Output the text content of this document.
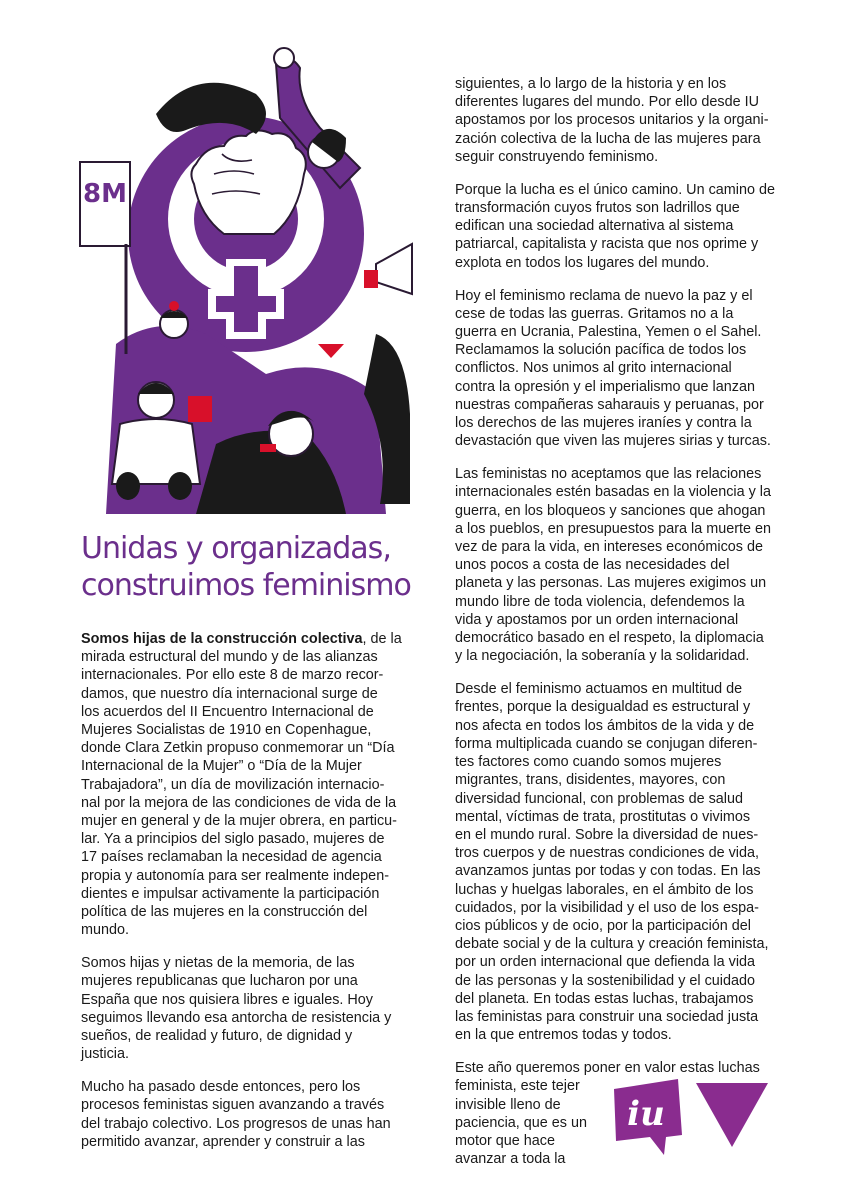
8M
Unidas y organizadas,
construimos feminismo

Somos hijas de la construcción colectiva, de la
mirada estructural del mundo y de las alianzas
internacionales. Por ello este 8 de marzo recor-
damos, que nuestro día internacional surge de
los acuerdos del II Encuentro Internacional de
Mujeres Socialistas de 1910 en Copenhague,
donde Clara Zetkin propuso conmemorar un “Día
Internacional de la Mujer” o “Día de la Mujer
Trabajadora”, un día de movilización internacio-
nal por la mejora de las condiciones de vida de la
mujer en general y de la mujer obrera, en particu-
lar. Ya a principios del siglo pasado, mujeres de
17 países reclamaban la necesidad de agencia
propia y autonomía para ser realmente indepen-
dientes e impulsar activamente la participación
política de las mujeres en la construcción del
mundo.

Somos hijas y nietas de la memoria, de las
mujeres republicanas que lucharon por una
España que nos quisiera libres e iguales. Hoy
seguimos llevando esa antorcha de resistencia y
sueños, de realidad y futuro, de dignidad y
justicia.

Mucho ha pasado desde entonces, pero los
procesos feministas siguen avanzando a través
del trabajo colectivo. Los progresos de unas han
permitido avanzar, aprender y construir a las

siguientes, a lo largo de la historia y en los
diferentes lugares del mundo. Por ello desde IU
apostamos por los procesos unitarios y la organi-
zación colectiva de la lucha de las mujeres para
seguir construyendo feminismo.

Porque la lucha es el único camino. Un camino de
transformación cuyos frutos son ladrillos que
edifican una sociedad alternativa al sistema
patriarcal, capitalista y racista que nos oprime y
explota en todos los lugares del mundo.

Hoy el feminismo reclama de nuevo la paz y el
cese de todas las guerras. Gritamos no a la
guerra en Ucrania, Palestina, Yemen o el Sahel.
Reclamamos la solución pacífica de todos los
conflictos. Nos unimos al grito internacional
contra la opresión y el imperialismo que lanzan
nuestras compañeras saharauis y peruanas, por
los derechos de las mujeres iraníes y contra la
devastación que viven las mujeres sirias y turcas.

Las feministas no aceptamos que las relaciones
internacionales estén basadas en la violencia y la
guerra, en los bloqueos y sanciones que ahogan
a los pueblos, en presupuestos para la muerte en
vez de para la vida, en intereses económicos de
unos pocos a costa de las necesidades del
planeta y las personas. Las mujeres exigimos un
mundo libre de toda violencia, defendemos la
vida y apostamos por un orden internacional
democrático basado en el respeto, la diplomacia
y la negociación, la soberanía y la solidaridad.

Desde el feminismo actuamos en multitud de
frentes, porque la desigualdad es estructural y
nos afecta en todos los ámbitos de la vida y de
forma multiplicada cuando se conjugan diferen-
tes factores como cuando somos mujeres
migrantes, trans, disidentes, mayores, con
diversidad funcional, con problemas de salud
mental, víctimas de trata, prostitutas o vivimos
en el mundo rural. Sobre la diversidad de nues-
tros cuerpos y de nuestras condiciones de vida,
avanzamos juntas por todas y con todas. En las
luchas y huelgas laborales, en el ámbito de los
cuidados, por la visibilidad y el uso de los espa-
cios públicos y de ocio, por la participación del
debate social y de la cultura y creación feminista,
por un orden internacional que defienda la vida
de las personas y la sostenibilidad y el cuidado
del planeta. En todas estas luchas, trabajamos
las feministas para construir una sociedad justa
en la que entremos todas y todos.

Este año queremos poner en valor estas luchas
feminista, este tejer
invisible lleno de
paciencia, que es un
motor que hace
avanzar a toda la

iu
